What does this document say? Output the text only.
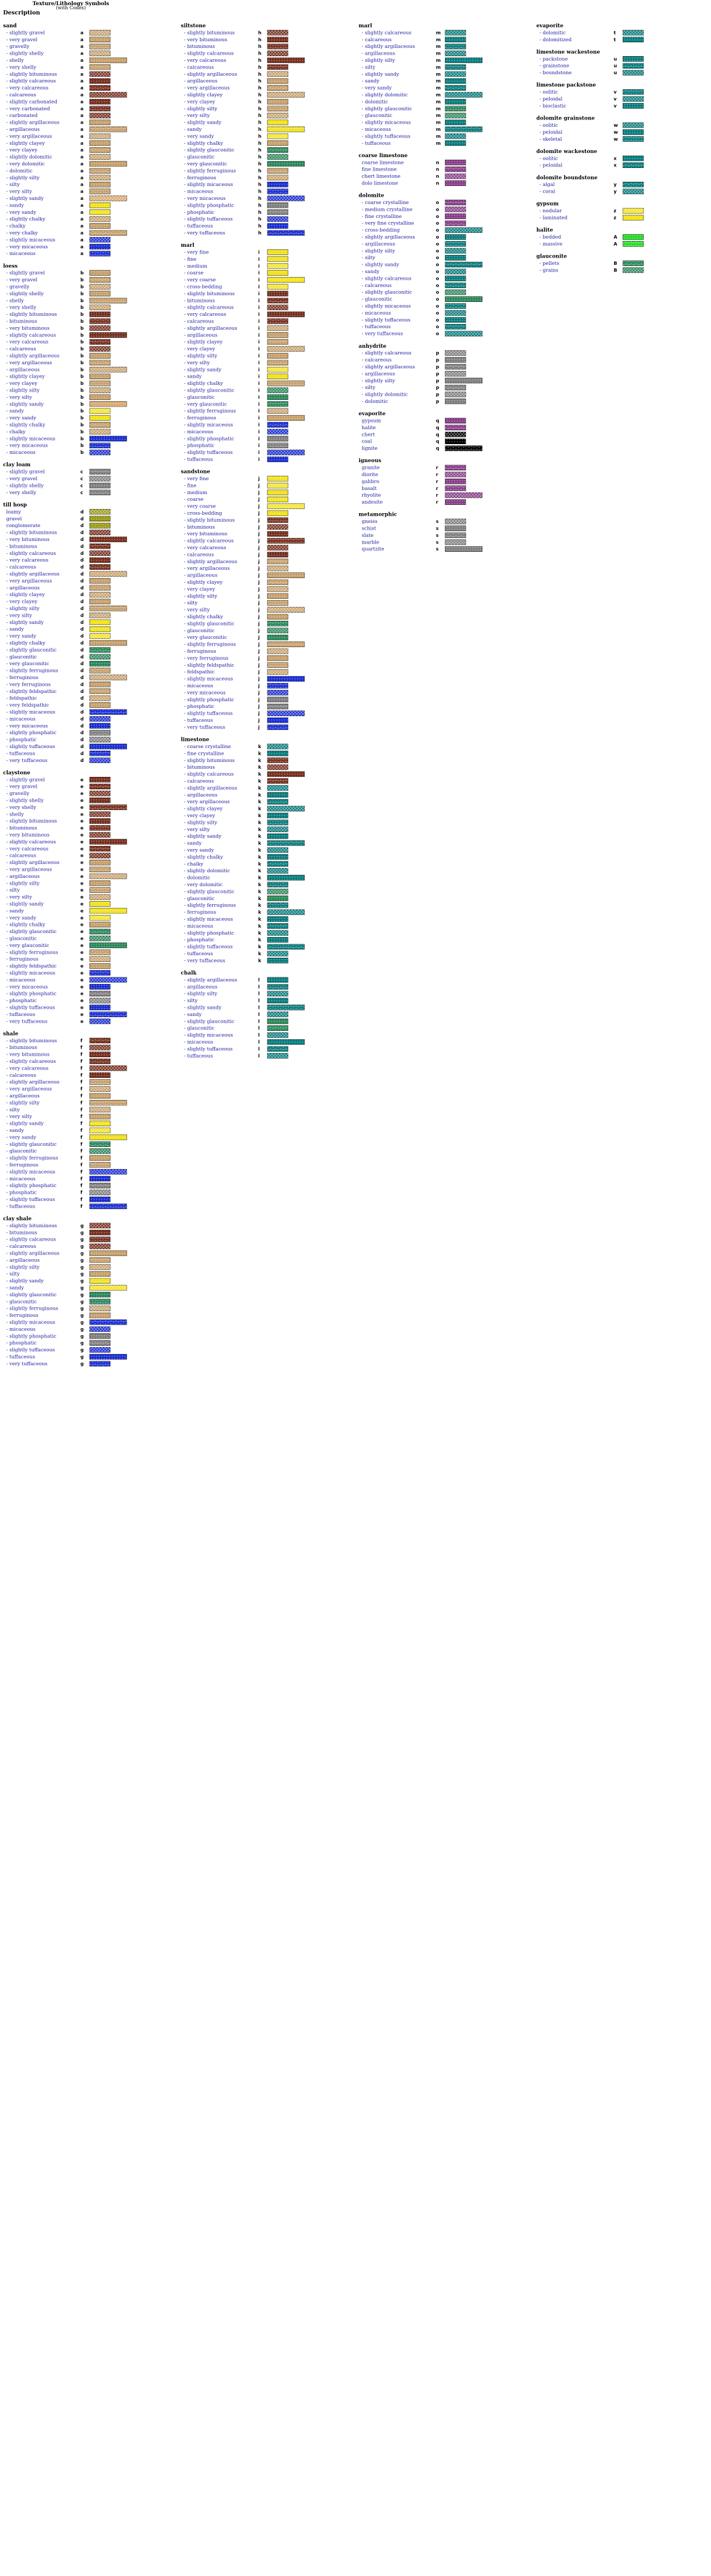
Texture/Lithology Symbols
(with Codes)
Description
sand
- slightly gravel	a
- very gravel	a
- gravelly	a
- slightly shelly	a
- shelly	a
- very shelly	a
- slightly bituminous	a
- slightly calcareous	a
- very calcareous	a
- calcareous	a
- slightly carbonated	a
- very carbonated	a
- carbonated	a
- slightly argillaceous	a
- argillaceous	a
- very argillaceous	a
- slightly clayey	a
- very clayey	a
- slightly dolomitic	a
- very dolomitic	a
- dolomitic	a
- slightly silty	a
- silty	a
- very silty	a
- slightly sandy	a
- sandy	a
- very sandy	a
- slightly chalky	a
- chalky	a
- very chalky	a
- slightly micaceous	a
- very micaceous	a
- micaceous	a
loess
- slightly gravel	b
- very gravel	b
- gravelly	b
- slightly shelly	b
- shelly	b
- very shelly	b
- slightly bituminous	b
- bituminous	b
- very bituminous	b
- slightly calcareous	b
- very calcareous	b
- calcareous	b
- slightly argillaceous	b
- very argillaceous	b
- argillaceous	b
- slightly clayey	b
- very clayey	b
- slightly silty	b
- very silty	b
- slightly sandy	b
- sandy	b
- very sandy	b
- slightly chalky	b
- chalky	b
- slightly micaceous	b
- very micaceous	b
- micaceous	b
clay loam
- slightly gravel	c
- very gravel	c
- slightly shelly	c
- very shelly	c
till hosp
loamy	d
gravel	d
conglomerate	d
- slightly bituminous	d
- very bituminous	d
- bituminous	d
- slightly calcareous	d
- very calcareous	d
- calcareous	d
- slightly argillaceous	d
- very argillaceous	d
- argillaceous	d
- slightly clayey	d
- very clayey	d
- slightly silty	d
- very silty	d
- slightly sandy	d
- sandy	d
- very sandy	d
- slightly chalky	d
- slightly glauconitic	d
- glauconitic	d
- very glauconitic	d
- slightly ferruginous	d
- ferruginous	d
- very ferruginous	d
- slightly feldspathic	d
- feldspathic	d
- very feldspathic	d
- slightly micaceous	d
- micaceous	d
- very micaceous	d
- slightly phosphatic	d
- phosphatic	d
- slightly tuffaceous	d
- tuffaceous	d
- very tuffaceous	d
claystone
- slightly gravel	e
- very gravel	e
- gravelly	e
- slightly shelly	e
- very shelly	e
- shelly	e
- slightly bituminous	e
- bituminous	e
- very bituminous	e
- slightly calcareous	e
- very calcareous	e
- calcareous	e
- slightly argillaceous	e
- very argillaceous	e
- argillaceous	e
- slightly silty	e
- silty	e
- very silty	e
- slightly sandy	e
- sandy	e
- very sandy	e
- slightly chalky	e
- slightly glauconitic	e
- glauconitic	e
- very glauconitic	e
- slightly ferruginous	e
- ferruginous	e
- slightly feldspathic	e
- slightly micaceous	e
- micaceous	e
- very micaceous	e
- slightly phosphatic	e
- phosphatic	e
- slightly tuffaceous	e
- tuffaceous	e
- very tuffaceous	e
shale
- slightly bituminous	f
- bituminous	f
- very bituminous	f
- slightly calcareous	f
- very calcareous	f
- calcareous	f
- slightly argillaceous	f
- very argillaceous	f
- argillaceous	f
- slightly silty	f
- silty	f
- very silty	f
- slightly sandy	f
- sandy	f
- very sandy	f
- slightly glauconitic	f
- glauconitic	f
- slightly ferruginous	f
- ferruginous	f
- slightly micaceous	f
- micaceous	f
- slightly phosphatic	f
- phosphatic	f
- slightly tuffaceous	f
- tuffaceous	f
clay shale
- slightly bituminous	g
- bituminous	g
- slightly calcareous	g
- calcareous	g
- slightly argillaceous	g
- argillaceous	g
- slightly silty	g
- silty	g
- slightly sandy	g
- sandy	g
- slightly glauconitic	g
- glauconitic	g
- slightly ferruginous	g
- ferruginous	g
- slightly micaceous	g
- micaceous	g
- slightly phosphatic	g
- phosphatic	g
- slightly tuffaceous	g
- tuffaceous	g
- very tuffaceous	g
siltstone
- slightly bituminous	h
- very bituminous	h
- bituminous	h
- slightly calcareous	h
- very calcareous	h
- calcareous	h
- slightly argillaceous	h
- argillaceous	h
- very argillaceous	h
- slightly clayey	h
- very clayey	h
- slightly silty	h
- very silty	h
- slightly sandy	h
- sandy	h
- very sandy	h
- slightly chalky	h
- slightly glauconitic	h
- glauconitic	h
- very glauconitic	h
- slightly ferruginous	h
- ferruginous	h
- slightly micaceous	h
- micaceous	h
- very micaceous	h
- slightly phosphatic	h
- phosphatic	h
- slightly tuffaceous	h
- tuffaceous	h
- very tuffaceous	h
marl
- very fine	i
- fine	i
- medium	i
- coarse	i
- very coarse	i
- cross-bedding	i
- slightly bituminous	i
- bituminous	i
- slightly calcareous	i
- very calcareous	i
- calcareous	i
- slightly argillaceous	i
- argillaceous	i
- slightly clayey	i
- very clayey	i
- slightly silty	i
- very silty	i
- slightly sandy	i
- sandy	i
- slightly chalky	i
- slightly glauconitic	i
- glauconitic	i
- very glauconitic	i
- slightly ferruginous	i
- ferruginous	i
- slightly micaceous	i
- micaceous	i
- slightly phosphatic	i
- phosphatic	i
- slightly tuffaceous	i
- tuffaceous	i
sandstone
- very fine	j
- fine	j
- medium	j
- coarse	j
- very coarse	j
- cross-bedding	j
- slightly bituminous	j
- bituminous	j
- very bituminous	j
- slightly calcareous	j
- very calcareous	j
- calcareous	j
- slightly argillaceous	j
- very argillaceous	j
- argillaceous	j
- slightly clayey	j
- very clayey	j
- slightly silty	j
- silty	j
- very silty	j
- slightly chalky	j
- slightly glauconitic	j
- glauconitic	j
- very glauconitic	j
- slightly ferruginous	j
- ferruginous	j
- very ferruginous	j
- slightly feldspathic	j
- feldspathic	j
- slightly micaceous	j
- micaceous	j
- very micaceous	j
- slightly phosphatic	j
- phosphatic	j
- slightly tuffaceous	j
- tuffaceous	j
- very tuffaceous	j
limestone
- coarse crystalline	k
- fine crystalline	k
- slightly bituminous	k
- bituminous	k
- slightly calcareous	k
- calcareous	k
- slightly argillaceous	k
- argillaceous	k
- very argillaceous	k
- slightly clayey	k
- very clayey	k
- slightly silty	k
- very silty	k
- slightly sandy	k
- sandy	k
- very sandy	k
- slightly chalky	k
- chalky	k
- slightly dolomitic	k
- dolomitic	k
- very dolomitic	k
- slightly glauconitic	k
- glauconitic	k
- slightly ferruginous	k
- ferruginous	k
- slightly micaceous	k
- micaceous	k
- slightly phosphatic	k
- phosphatic	k
- slightly tuffaceous	k
- tuffaceous	k
- very tuffaceous	k
chalk
- slightly argillaceous	l
- argillaceous	l
- slightly silty	l
- silty	l
- slightly sandy	l
- sandy	l
- slightly glauconitic	l
- glauconitic	l
- slightly micaceous	l
- micaceous	l
- slightly tuffaceous	l
- tuffaceous	l
marl
- slightly calcareous	m
- calcareous	m
- slightly argillaceous	m
- argillaceous	m
- slightly silty	m
- silty	m
- slightly sandy	m
- sandy	m
- very sandy	m
- slightly dolomitic	m
- dolomitic	m
- slightly glauconitic	m
- glauconitic	m
- slightly micaceous	m
- micaceous	m
- slightly tuffaceous	m
- tuffaceous	m
coarse limestone
coarse limestone	n
fine limestone	n
chert limestone	n
dolo limestone	n
dolomite
- coarse crystalline	o
- medium crystalline	o
- fine crystalline	o
- very fine crystalline	o
- cross-bedding	o
- slightly argillaceous	o
- argillaceous	o
- slightly silty	o
- silty	o
- slightly sandy	o
- sandy	o
- slightly calcareous	o
- calcareous	o
- slightly glauconitic	o
- glauconitic	o
- slightly micaceous	o
- micaceous	o
- slightly tuffaceous	o
- tuffaceous	o
- very tuffaceous	o
anhydrite
- slightly calcareous	p
- calcareous	p
- slightly argillaceous	p
- argillaceous	p
- slightly silty	p
- silty	p
- slightly dolomitic	p
- dolomitic	p
evaporite
gypsum	q
halite	q
chert	q
coal	q
lignite	q
igneous
granite	r
diorite	r
gabbro	r
basalt	r
rhyolite	r
andesite	r
metamorphic
gneiss	s
schist	s
slate	s
marble	s
quartzite	s
evaporite
- dolomitic	t
- dolomitized	t
limestone wackestone
- packstone	u
- grainstone	u
- boundstone	u
limestone packstone
- oolitic	v
- peloidal	v
- bioclastic	v
dolomite grainstone
- oolitic	w
- peloidal	w
- skeletal	w
dolomite wackestone
- oolitic	x
- peloidal	x
dolomite boundstone
- algal	y
- coral	y
gypsum
- nodular	z
- laminated	z
halite
- bedded	A
- massive	A
glauconite
- pellets	B
- grains	B
